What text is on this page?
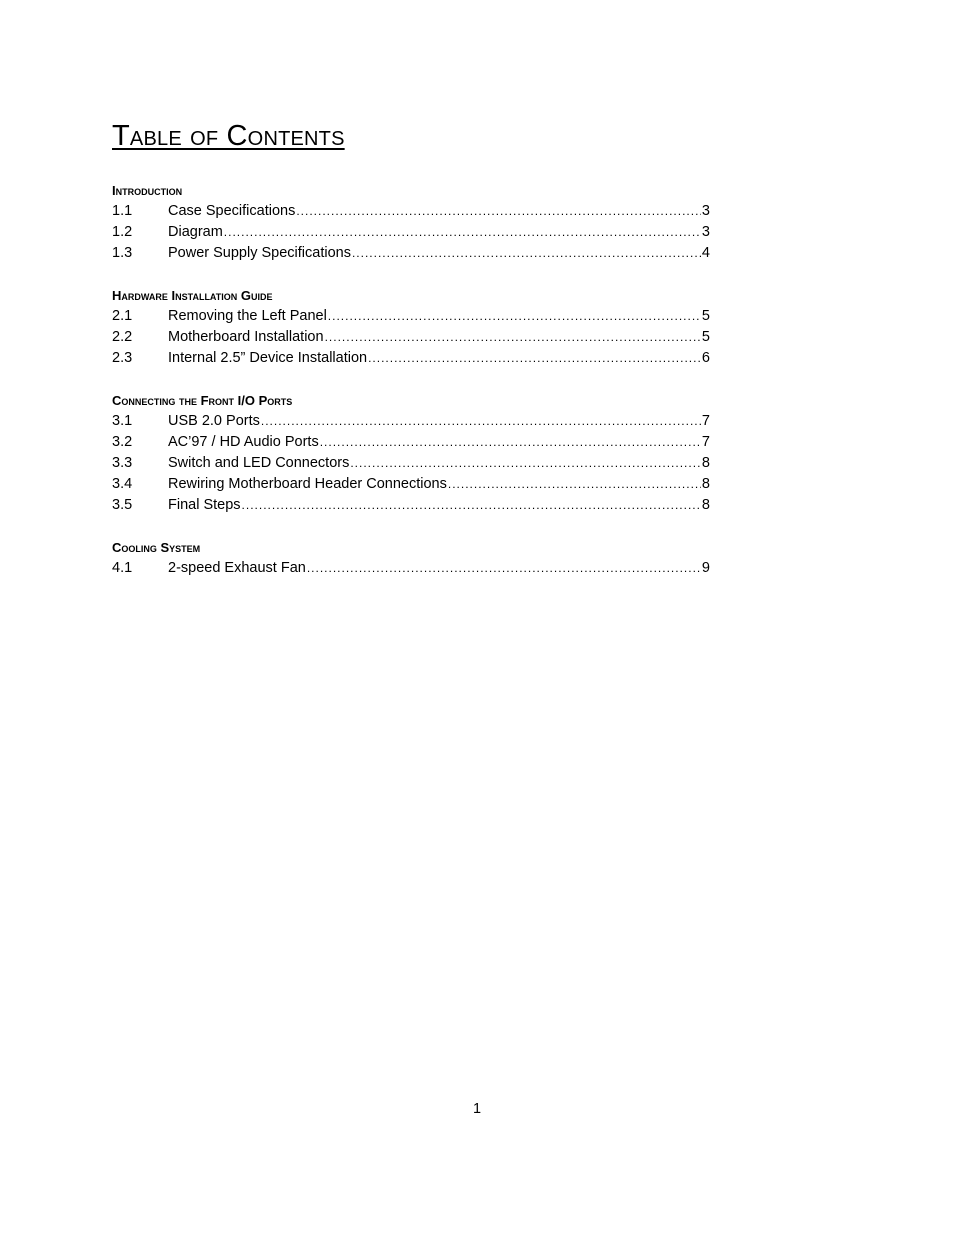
Table of Contents
Introduction
1.1	Case Specifications .....	3
1.2	Diagram .....	3
1.3	Power Supply Specifications .....	4
Hardware Installation Guide
2.1	Removing the Left Panel .....	5
2.2	Motherboard Installation .....	5
2.3	Internal 2.5” Device Installation .....	6
Connecting the Front I/O Ports
3.1	USB 2.0 Ports .....	7
3.2	AC’97 / HD Audio Ports .....	7
3.3	Switch and LED Connectors .....	8
3.4	Rewiring Motherboard Header Connections .....	8
3.5	Final Steps .....	8
Cooling System
4.1	2-speed Exhaust Fan .....	9
1
